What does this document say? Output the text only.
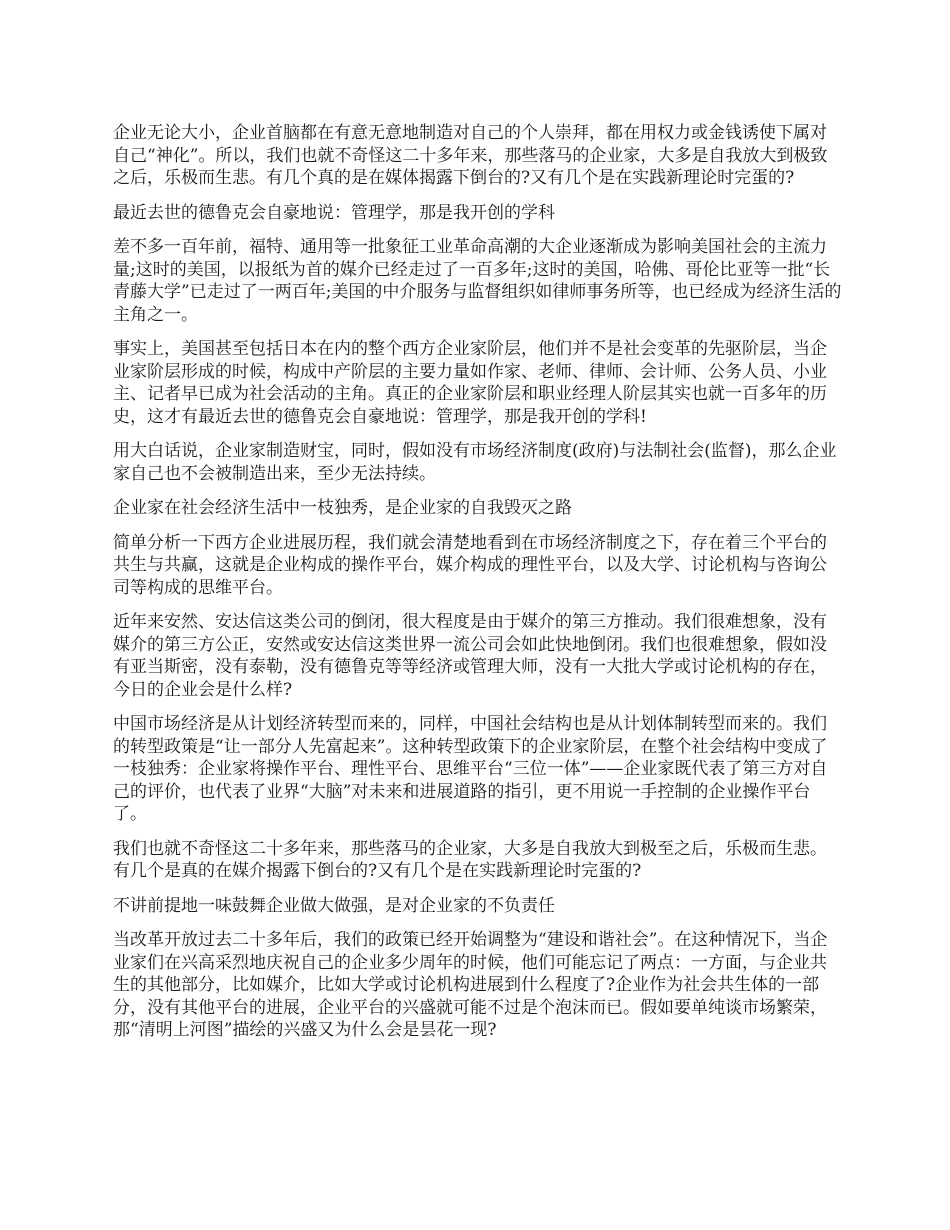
企业无论大小，企业首脑都在有意无意地制造对自己的个人崇拜，都在用权力或金钱诱使下属对自己“神化”。所以，我们也就不奇怪这二十多年来，那些落马的企业家，大多是自我放大到极致之后，乐极而生悲。有几个真的是在媒体揭露下倒台的?又有几个是在实践新理论时完蛋的?

最近去世的德鲁克会自豪地说：管理学，那是我开创的学科

差不多一百年前，福特、通用等一批象征工业革命高潮的大企业逐渐成为影响美国社会的主流力量;这时的美国，以报纸为首的媒介已经走过了一百多年;这时的美国，哈佛、哥伦比亚等一批“长青藤大学”已走过了一两百年;美国的中介服务与监督组织如律师事务所等，也已经成为经济生活的主角之一。

事实上，美国甚至包括日本在内的整个西方企业家阶层，他们并不是社会变革的先驱阶层，当企业家阶层形成的时候，构成中产阶层的主要力量如作家、老师、律师、会计师、公务人员、小业主、记者早已成为社会活动的主角。真正的企业家阶层和职业经理人阶层其实也就一百多年的历史，这才有最近去世的德鲁克会自豪地说：管理学，那是我开创的学科!

用大白话说，企业家制造财宝，同时，假如没有市场经济制度(政府)与法制社会(监督)，那么企业家自己也不会被制造出来，至少无法持续。

企业家在社会经济生活中一枝独秀，是企业家的自我毁灭之路

简单分析一下西方企业进展历程，我们就会清楚地看到在市场经济制度之下，存在着三个平台的共生与共赢，这就是企业构成的操作平台，媒介构成的理性平台，以及大学、讨论机构与咨询公司等构成的思维平台。

近年来安然、安达信这类公司的倒闭，很大程度是由于媒介的第三方推动。我们很难想象，没有媒介的第三方公正，安然或安达信这类世界一流公司会如此快地倒闭。我们也很难想象，假如没有亚当斯密，没有泰勒，没有德鲁克等等经济或管理大师，没有一大批大学或讨论机构的存在，今日的企业会是什么样?

中国市场经济是从计划经济转型而来的，同样，中国社会结构也是从计划体制转型而来的。我们的转型政策是“让一部分人先富起来”。这种转型政策下的企业家阶层，在整个社会结构中变成了一枝独秀：企业家将操作平台、理性平台、思维平台“三位一体”——企业家既代表了第三方对自己的评价，也代表了业界“大脑”对未来和进展道路的指引，更不用说一手控制的企业操作平台了。

我们也就不奇怪这二十多年来，那些落马的企业家，大多是自我放大到极至之后，乐极而生悲。有几个是真的在媒介揭露下倒台的?又有几个是在实践新理论时完蛋的?

不讲前提地一味鼓舞企业做大做强，是对企业家的不负责任

当改革开放过去二十多年后，我们的政策已经开始调整为“建设和谐社会”。在这种情况下，当企业家们在兴高采烈地庆祝自己的企业多少周年的时候，他们可能忘记了两点：一方面，与企业共生的其他部分，比如媒介，比如大学或讨论机构进展到什么程度了?企业作为社会共生体的一部分，没有其他平台的进展，企业平台的兴盛就可能不过是个泡沫而已。假如要单纯谈市场繁荣，那“清明上河图”描绘的兴盛又为什么会是昙花一现?
